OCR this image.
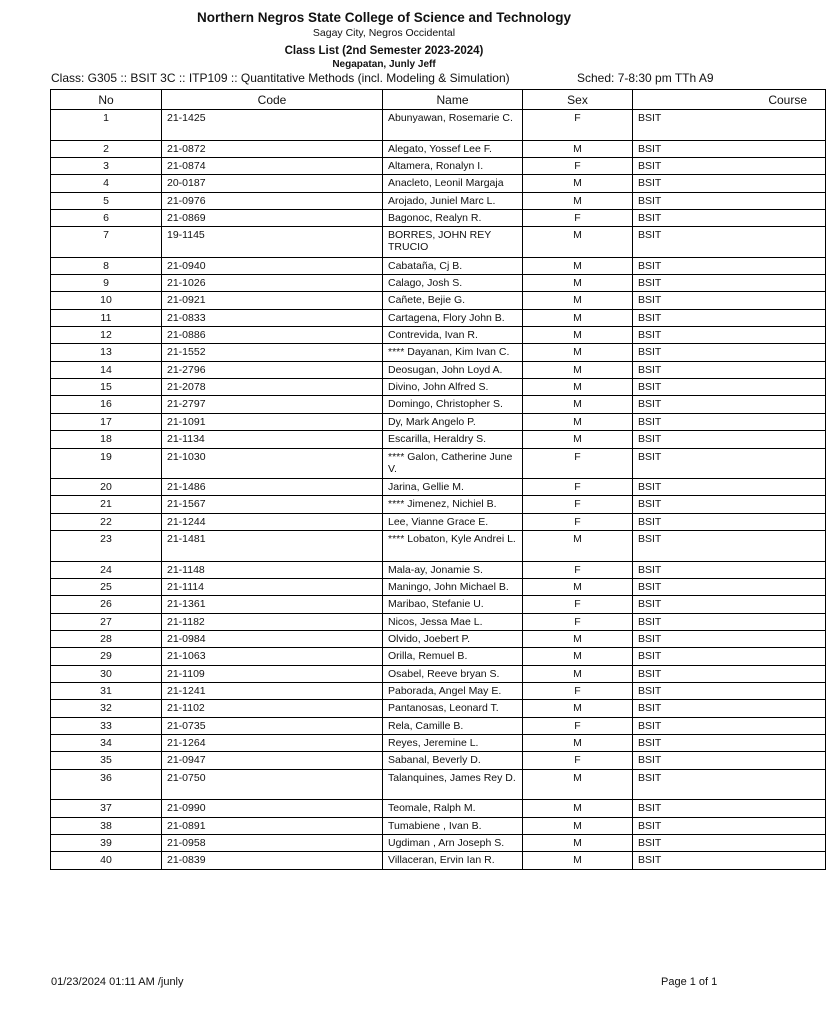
Northern Negros State College of Science and Technology
Sagay City, Negros Occidental
Class List (2nd Semester 2023-2024)
Negapatan, Junly Jeff
Class: G305 :: BSIT 3C :: ITP109 :: Quantitative Methods (incl. Modeling & Simulation)	Sched: 7-8:30 pm TTh A9
No	Code	Name	Sex	Course
1	21-1425	Abunyawan, Rosemarie C.	F	BSIT
2	21-0872	Alegato, Yossef Lee F.	M	BSIT
3	21-0874	Altamera, Ronalyn I.	F	BSIT
4	20-0187	Anacleto, Leonil Margaja	M	BSIT
5	21-0976	Arojado, Juniel Marc L.	M	BSIT
6	21-0869	Bagonoc, Realyn R.	F	BSIT
7	19-1145	BORRES, JOHN REY TRUCIO	M	BSIT
8	21-0940	Cabataña, Cj B.	M	BSIT
9	21-1026	Calago, Josh S.	M	BSIT
10	21-0921	Cañete, Bejie G.	M	BSIT
11	21-0833	Cartagena, Flory John B.	M	BSIT
12	21-0886	Contrevida, Ivan R.	M	BSIT
13	21-1552	**** Dayanan, Kim Ivan C.	M	BSIT
14	21-2796	Deosugan, John Loyd A.	M	BSIT
15	21-2078	Divino, John Alfred S.	M	BSIT
16	21-2797	Domingo, Christopher S.	M	BSIT
17	21-1091	Dy, Mark Angelo P.	M	BSIT
18	21-1134	Escarilla, Heraldry S.	M	BSIT
19	21-1030	**** Galon, Catherine June V.	F	BSIT
20	21-1486	Jarina, Gellie M.	F	BSIT
21	21-1567	**** Jimenez, Nichiel B.	F	BSIT
22	21-1244	Lee, Vianne Grace E.	F	BSIT
23	21-1481	**** Lobaton, Kyle Andrei L.	M	BSIT
24	21-1148	Mala-ay, Jonamie S.	F	BSIT
25	21-1114	Maningo, John Michael B.	M	BSIT
26	21-1361	Maribao, Stefanie U.	F	BSIT
27	21-1182	Nicos, Jessa Mae L.	F	BSIT
28	21-0984	Olvido, Joebert P.	M	BSIT
29	21-1063	Orilla, Remuel B.	M	BSIT
30	21-1109	Osabel, Reeve bryan S.	M	BSIT
31	21-1241	Paborada, Angel May E.	F	BSIT
32	21-1102	Pantanosas, Leonard T.	M	BSIT
33	21-0735	Rela, Camille B.	F	BSIT
34	21-1264	Reyes, Jeremine L.	M	BSIT
35	21-0947	Sabanal, Beverly D.	F	BSIT
36	21-0750	Talanquines, James Rey D.	M	BSIT
37	21-0990	Teomale, Ralph M.	M	BSIT
38	21-0891	Tumabiene , Ivan B.	M	BSIT
39	21-0958	Ugdiman , Arn Joseph S.	M	BSIT
40	21-0839	Villaceran, Ervin Ian R.	M	BSIT
01/23/2024 01:11 AM /junly	Page 1 of 1
